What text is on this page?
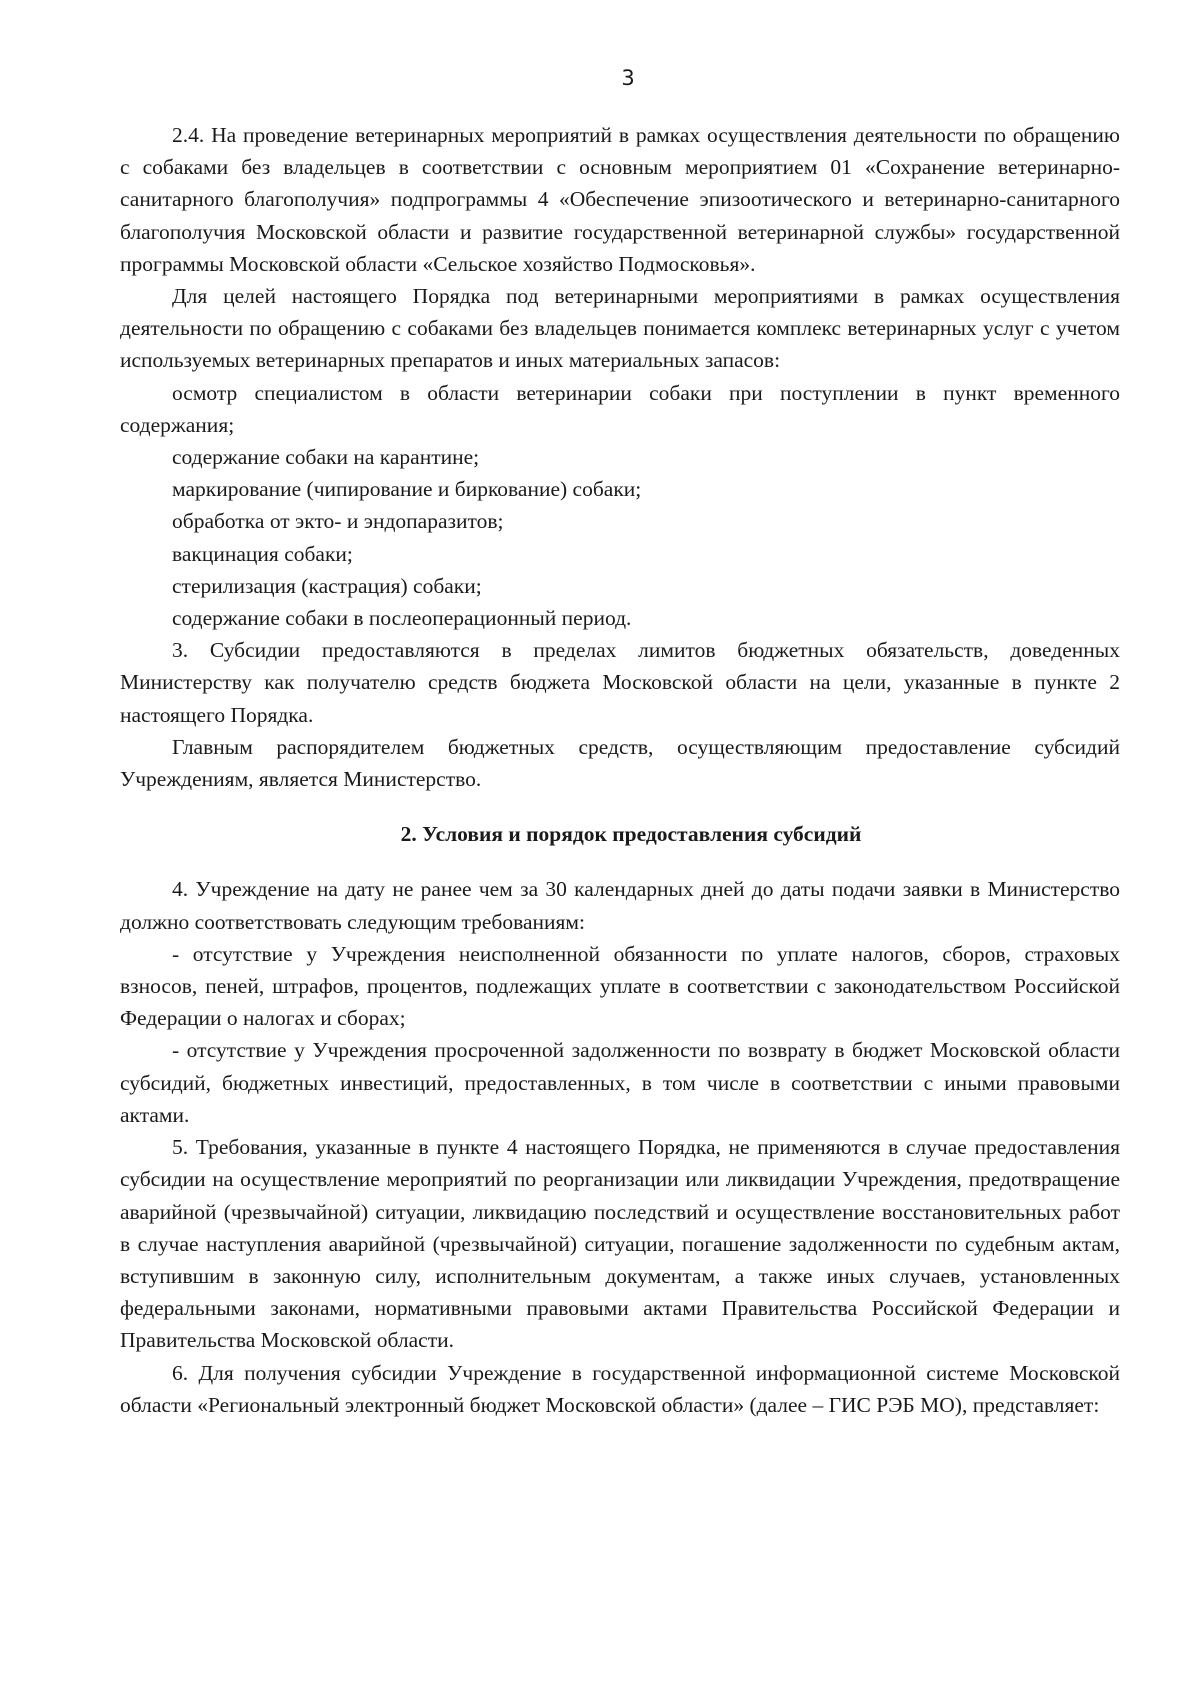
3

2.4. На проведение ветеринарных мероприятий в рамках осуществления деятельности по обращению с собаками без владельцев в соответствии с основным мероприятием 01 «Сохранение ветеринарно-санитарного благополучия» подпрограммы 4 «Обеспечение эпизоотического и ветеринарно-санитарного благополучия Московской области и развитие государственной ветеринарной службы» государственной программы Московской области «Сельское хозяйство Подмосковья».

Для целей настоящего Порядка под ветеринарными мероприятиями в рамках осуществления деятельности по обращению с собаками без владельцев понимается комплекс ветеринарных услуг с учетом используемых ветеринарных препаратов и иных материальных запасов:

осмотр специалистом в области ветеринарии собаки при поступлении в пункт временного содержания;

содержание собаки на карантине;

маркирование (чипирование и биркование) собаки;

обработка от экто- и эндопаразитов;

вакцинация собаки;

стерилизация (кастрация) собаки;

содержание собаки в послеоперационный период.

3. Субсидии предоставляются в пределах лимитов бюджетных обязательств, доведенных Министерству как получателю средств бюджета Московской области на цели, указанные в пункте 2 настоящего Порядка.

Главным распорядителем бюджетных средств, осуществляющим предоставление субсидий Учреждениям, является Министерство.

2. Условия и порядок предоставления субсидий

4. Учреждение на дату не ранее чем за 30 календарных дней до даты подачи заявки в Министерство должно соответствовать следующим требованиям:

- отсутствие у Учреждения неисполненной обязанности по уплате налогов, сборов, страховых взносов, пеней, штрафов, процентов, подлежащих уплате в соответствии с законодательством Российской Федерации о налогах и сборах;

- отсутствие у Учреждения просроченной задолженности по возврату в бюджет Московской области субсидий, бюджетных инвестиций, предоставленных, в том числе в соответствии с иными правовыми актами.

5. Требования, указанные в пункте 4 настоящего Порядка, не применяются в случае предоставления субсидии на осуществление мероприятий по реорганизации или ликвидации Учреждения, предотвращение аварийной (чрезвычайной) ситуации, ликвидацию последствий и осуществление восстановительных работ в случае наступления аварийной (чрезвычайной) ситуации, погашение задолженности по судебным актам, вступившим в законную силу, исполнительным документам, а также иных случаев, установленных федеральными законами, нормативными правовыми актами Правительства Российской Федерации и Правительства Московской области.

6. Для получения субсидии Учреждение в государственной информационной системе Московской области «Региональный электронный бюджет Московской области» (далее – ГИС РЭБ МО), представляет:
